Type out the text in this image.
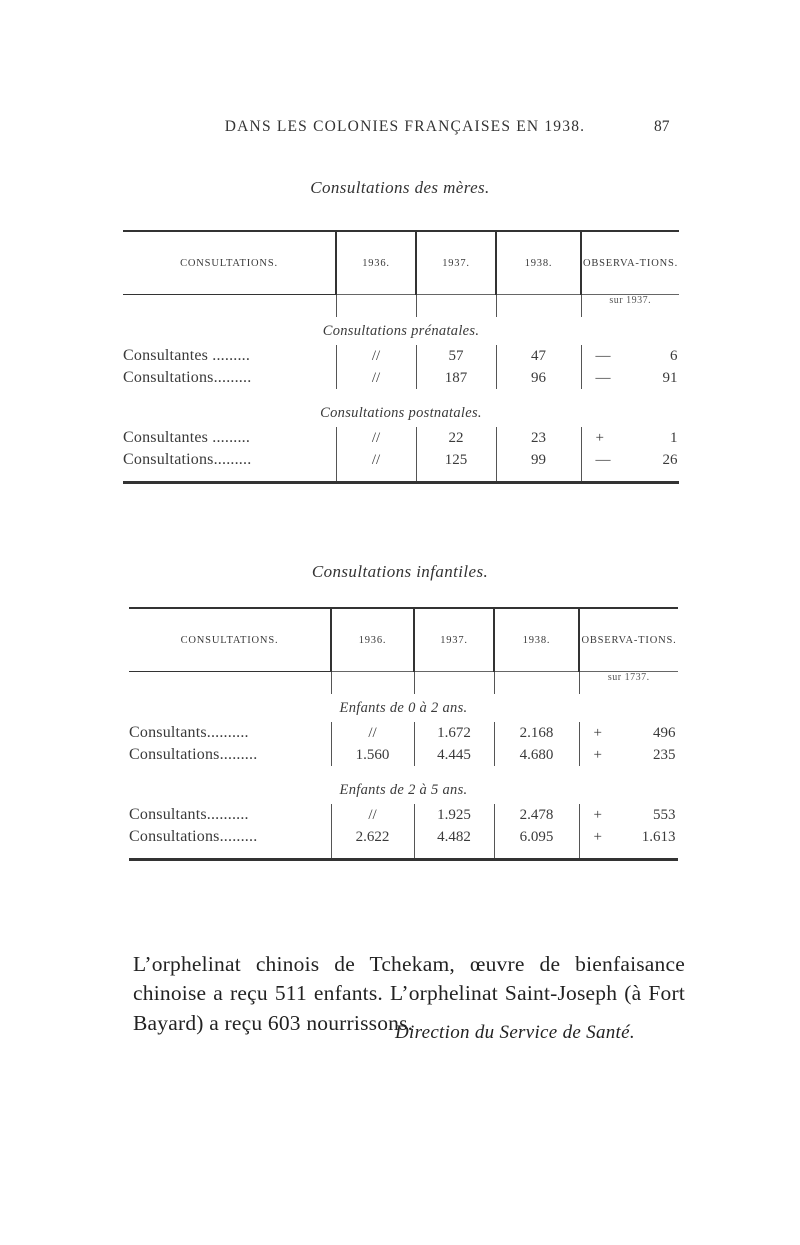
DANS LES COLONIES FRANÇAISES EN 1938.	87
Consultations des mères.
CONSULTATIONS.	1936.	1937.	1938.	OBSERVA-TIONS.
				sur 1937.
Consultations prénatales.				
Consultantes .........	//	57	47	— 6
Consultations.........	//	187	96	— 91

Consultations postnatales.				
Consultantes .........	//	22	23	+ 1
Consultations.........	//	125	99	— 26

Consultations infantiles.
CONSULTATIONS.	1936.	1937.	1938.	OBSERVA-TIONS.
				sur 1737.
Enfants de 0 à 2 ans.				
Consultants..........	//	1.672	2.168	+ 496
Consultations.........	1.560	4.445	4.680	+ 235

Enfants de 2 à 5 ans.				
Consultants..........	//	1.925	2.478	+ 553
Consultations.........	2.622	4.482	6.095	+ 1.613

L’orphelinat chinois de Tchekam, œuvre de bienfaisance chinoise a reçu 511 enfants. L’orphelinat Saint-Joseph (à Fort Bayard) a reçu 603 nourrissons.

Direction du Service de Santé.
